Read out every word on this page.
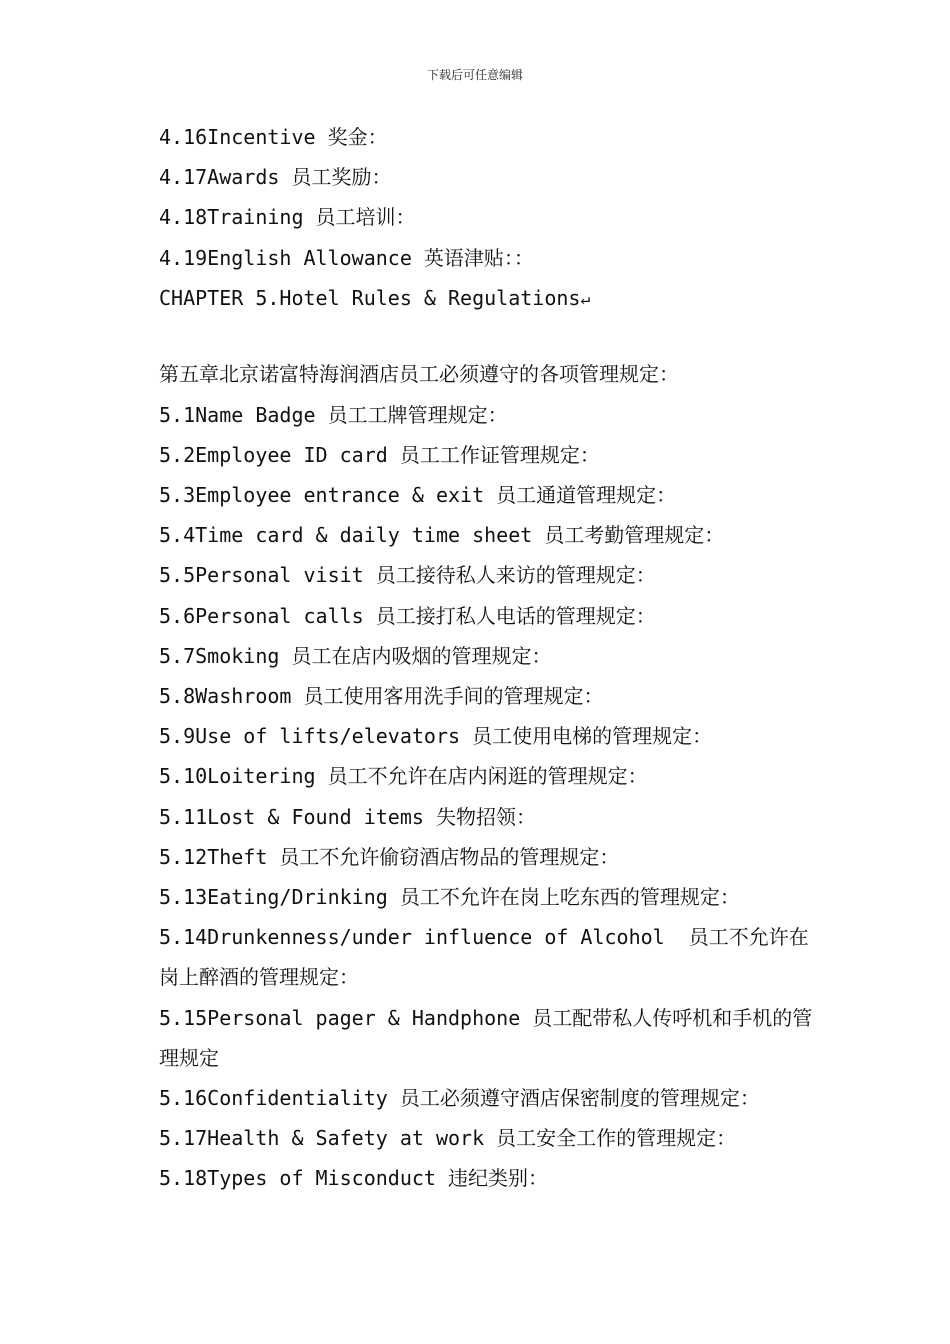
下载后可任意编辑

4.16Incentive 奖金：

4.17Awards 员工奖励：

4.18Training 员工培训：

4.19English Allowance 英语津贴：：

CHAPTER 5.Hotel Rules & Regulations↵

第五章北京诺富特海润酒店员工必须遵守的各项管理规定：

5.1Name Badge 员工工牌管理规定：

5.2Employee ID card 员工工作证管理规定：

5.3Employee entrance & exit 员工通道管理规定：

5.4Time card & daily time sheet 员工考勤管理规定：

5.5Personal visit 员工接待私人来访的管理规定：

5.6Personal calls 员工接打私人电话的管理规定：

5.7Smoking 员工在店内吸烟的管理规定：

5.8Washroom 员工使用客用洗手间的管理规定：

5.9Use of lifts/elevators 员工使用电梯的管理规定：

5.10Loitering 员工不允许在店内闲逛的管理规定：

5.11Lost & Found items 失物招领：

5.12Theft 员工不允许偷窃酒店物品的管理规定：

5.13Eating/Drinking 员工不允许在岗上吃东西的管理规定：

5.14Drunkenness/under influence of Alcohol  员工不允许在岗上醉酒的管理规定：

5.15Personal pager & Handphone 员工配带私人传呼机和手机的管理规定

5.16Confidentiality 员工必须遵守酒店保密制度的管理规定：

5.17Health & Safety at work 员工安全工作的管理规定：

5.18Types of Misconduct 违纪类别：
